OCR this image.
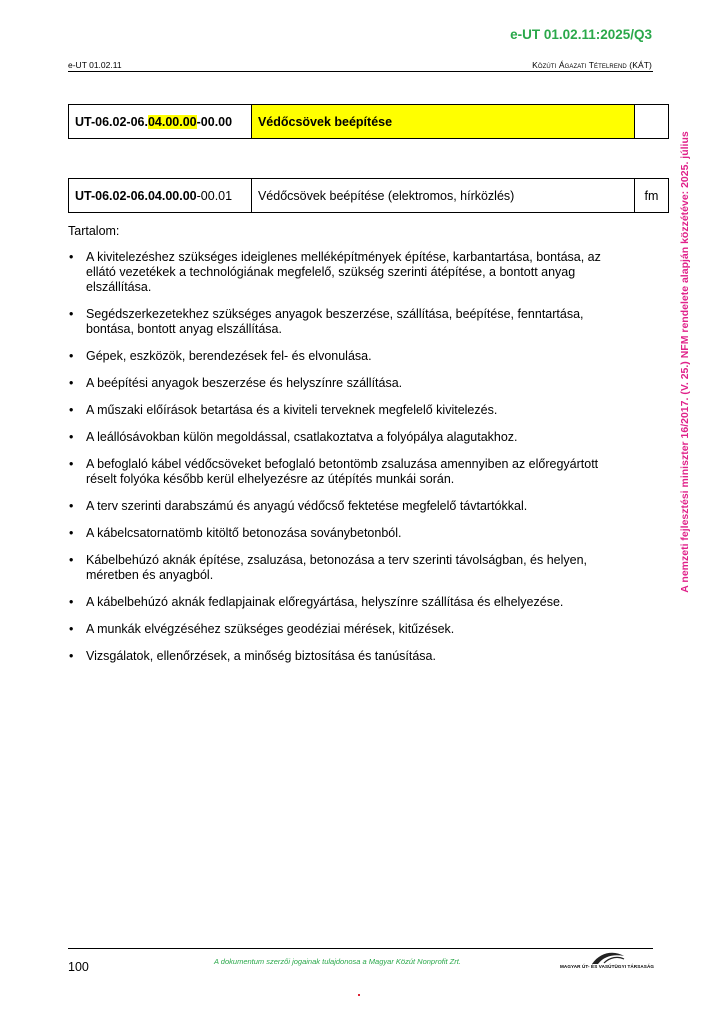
e-UT 01.02.11:2025/Q3
e-UT 01.02.11	Közúti Ágazati Tételrend (KÁT)
UT-06.02-06.04.00.00-00.00	Védőcsövek beépítése	
UT-06.02-06.04.00.00-00.01	Védőcsövek beépítése (elektromos, hírközlés)	fm
Tartalom:
• A kivitelezéshez szükséges ideiglenes melléképítmények építése, karbantartása, bontása, az ellátó vezetékek a technológiának megfelelő, szükség szerinti átépítése, a bontott anyag elszállítása.
• Segédszerkezetekhez szükséges anyagok beszerzése, szállítása, beépítése, fenntartása, bontása, bontott anyag elszállítása.
• Gépek, eszközök, berendezések fel- és elvonulása.
• A beépítési anyagok beszerzése és helyszínre szállítása.
• A műszaki előírások betartása és a kiviteli terveknek megfelelő kivitelezés.
• A leállósávokban külön megoldással, csatlakoztatva a folyópálya alagutakhoz.
• A befoglaló kábel védőcsöveket befoglaló betontömb zsaluzása amennyiben az előregyártott réselt folyóka később kerül elhelyezésre az útépítés munkái során.
• A terv szerinti darabszámú és anyagú védőcső fektetése megfelelő távtartókkal.
• A kábelcsatornatömb kitöltő betonozása soványbetonból.
• Kábelbehúzó aknák építése, zsaluzása, betonozása a terv szerinti távolságban, és helyen, méretben és anyagból.
• A kábelbehúzó aknák fedlapjainak előregyártása, helyszínre szállítása és elhelyezése.
• A munkák elvégzéséhez szükséges geodéziai mérések, kitűzések.
• Vizsgálatok, ellenőrzések, a minőség biztosítása és tanúsítása.
A nemzeti fejlesztési miniszter 16/2017. (V. 25.) NFM rendelete alapján közzétéve: 2025. július
100	A dokumentum szerzői jogainak tulajdonosa a Magyar Közút Nonprofit Zrt.
MAGYAR ÚT- ÉS VASÚTÜGYI TÁRSASÁG
